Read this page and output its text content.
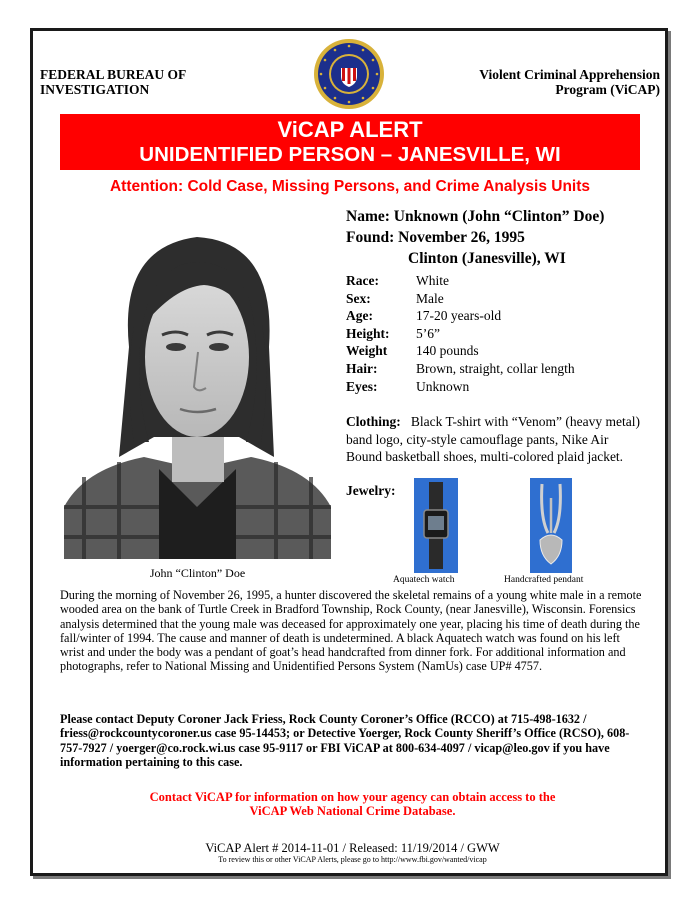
FEDERAL BUREAU OF
INVESTIGATION
Violent Criminal Apprehension
Program (ViCAP)
ViCAP ALERT
UNIDENTIFIED PERSON – JANESVILLE, WI
Attention: Cold Case, Missing Persons, and Crime Analysis Units
John “Clinton” Doe
Name: Unknown (John “Clinton” Doe)
Found: November 26, 1995
Clinton (Janesville), WI
Race:	White
Sex:	Male
Age:	17-20 years-old
Height:	5’6”
Weight	140 pounds
Hair:	Brown, straight, collar length
Eyes:	Unknown
Clothing: Black T-shirt with “Venom” (heavy metal) band logo, city-style camouflage pants, Nike Air Bound basketball shoes, multi-colored plaid jacket.
Jewelry:
Aquatech watch	Handcrafted pendant
During the morning of November 26, 1995, a hunter discovered the skeletal remains of a young white male in a remote wooded area on the bank of Turtle Creek in Bradford Township, Rock County, (near Janesville), Wisconsin. Forensics analysis determined that the young male was deceased for approximately one year, placing his time of death during the fall/winter of 1994. The cause and manner of death is undetermined. A black Aquatech watch was found on his left wrist and under the body was a pendant of goat’s head handcrafted from dinner fork. For additional information and photographs, refer to National Missing and Unidentified Persons System (NamUs) case UP# 4757.
Please contact Deputy Coroner Jack Friess, Rock County Coroner’s Office (RCCO) at 715-498-1632 / friess@rockcountycoroner.us case 95-14453; or Detective Yoerger, Rock County Sheriff’s Office (RCSO), 608-757-7927 / yoerger@co.rock.wi.us case 95-9117 or FBI ViCAP at 800-634-4097 / vicap@leo.gov if you have information pertaining to this case.
Contact ViCAP for information on how your agency can obtain access to the
ViCAP Web National Crime Database.
ViCAP Alert # 2014-11-01 / Released: 11/19/2014 / GWW
To review this or other ViCAP Alerts, please go to http://www.fbi.gov/wanted/vicap
